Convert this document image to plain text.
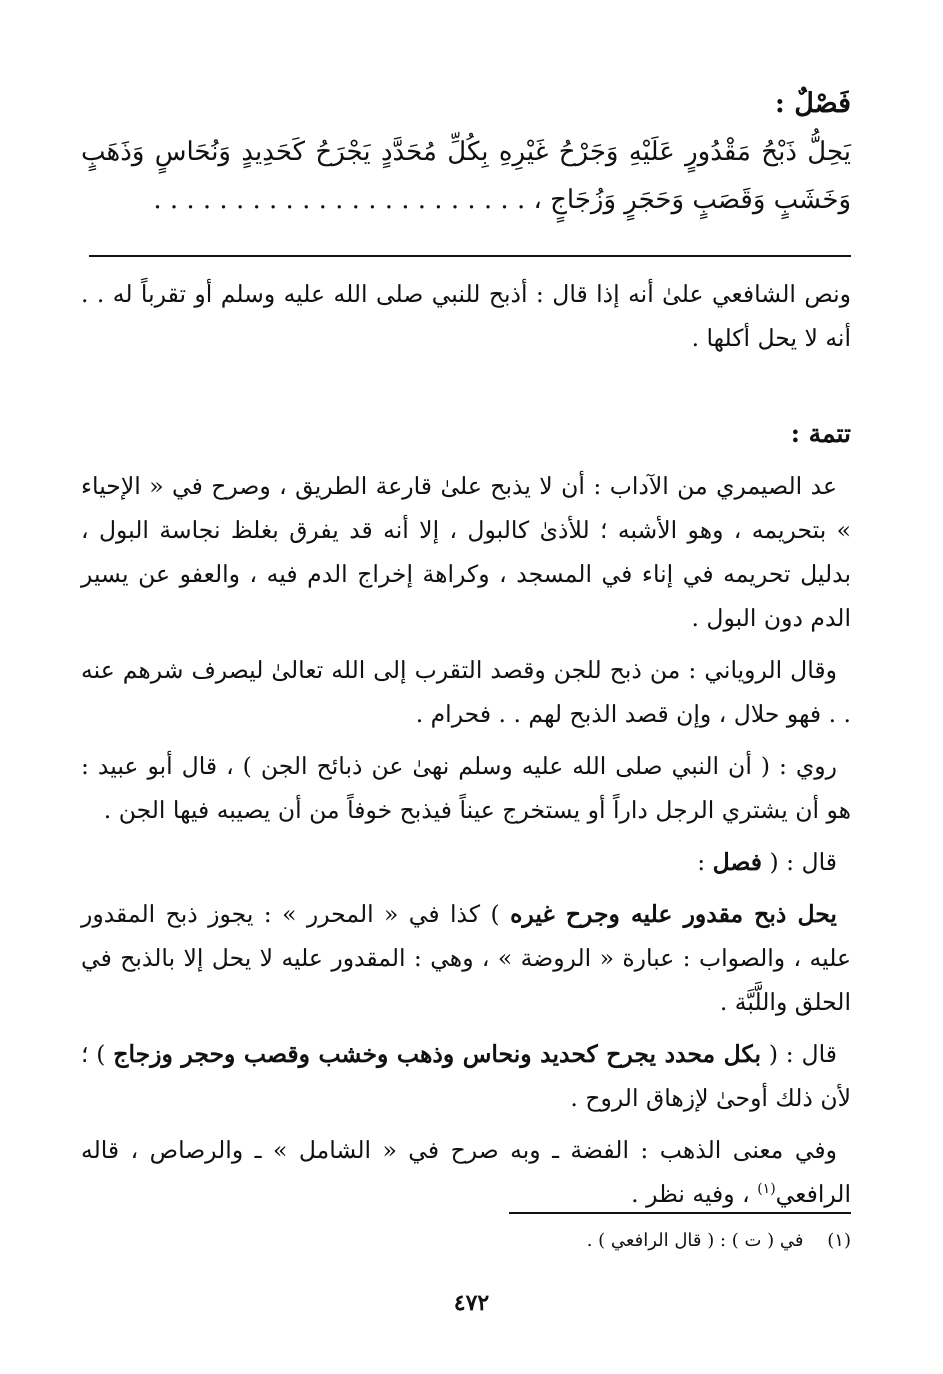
فَصْلٌ :

يَحِلُّ ذَبْحُ مَقْدُورٍ عَلَيْهِ وَجَرْحُ غَيْرِهِ بِكُلِّ مُحَدَّدٍ يَجْرَحُ كَحَدِيدٍ وَنُحَاسٍ وَذَهَبٍ وَخَشَبٍ وَقَصَبٍ وَحَجَرٍ وَزُجَاجٍ ، . . . . . . . . . . . . . . . . . . . . . . .

ونص الشافعي علىٰ أنه إذا قال : أذبح للنبي صلى الله عليه وسلم أو تقرباً له . . أنه لا يحل أكلها .

تتمة :

عد الصيمري من الآداب : أن لا يذبح علىٰ قارعة الطريق ، وصرح في « الإحياء » بتحريمه ، وهو الأشبه ؛ للأذىٰ كالبول ، إلا أنه قد يفرق بغلظ نجاسة البول ، بدليل تحريمه في إناء في المسجد ، وكراهة إخراج الدم فيه ، والعفو عن يسير الدم دون البول .

وقال الروياني : من ذبح للجن وقصد التقرب إلى الله تعالىٰ ليصرف شرهم عنه . . فهو حلال ، وإن قصد الذبح لهم . . فحرام .

روي : ( أن النبي صلى الله عليه وسلم نهىٰ عن ذبائح الجن ) ، قال أبو عبيد : هو أن يشتري الرجل داراً أو يستخرج عيناً فيذبح خوفاً من أن يصيبه فيها الجن .

قال : ( فصل :

يحل ذبح مقدور عليه وجرح غيره ) كذا في « المحرر » : يجوز ذبح المقدور عليه ، والصواب : عبارة « الروضة » ، وهي : المقدور عليه لا يحل إلا بالذبح في الحلق واللَّبَّة .

قال : ( بكل محدد يجرح كحديد ونحاس وذهب وخشب وقصب وحجر وزجاج ) ؛ لأن ذلك أوحىٰ لإزهاق الروح .

وفي معنى الذهب : الفضة ـ وبه صرح في « الشامل » ـ والرصاص ، قاله الرافعي$^{(١)}$ ، وفيه نظر .

(١) في ( ت ) : ( قال الرافعي ) .
٤٧٢
